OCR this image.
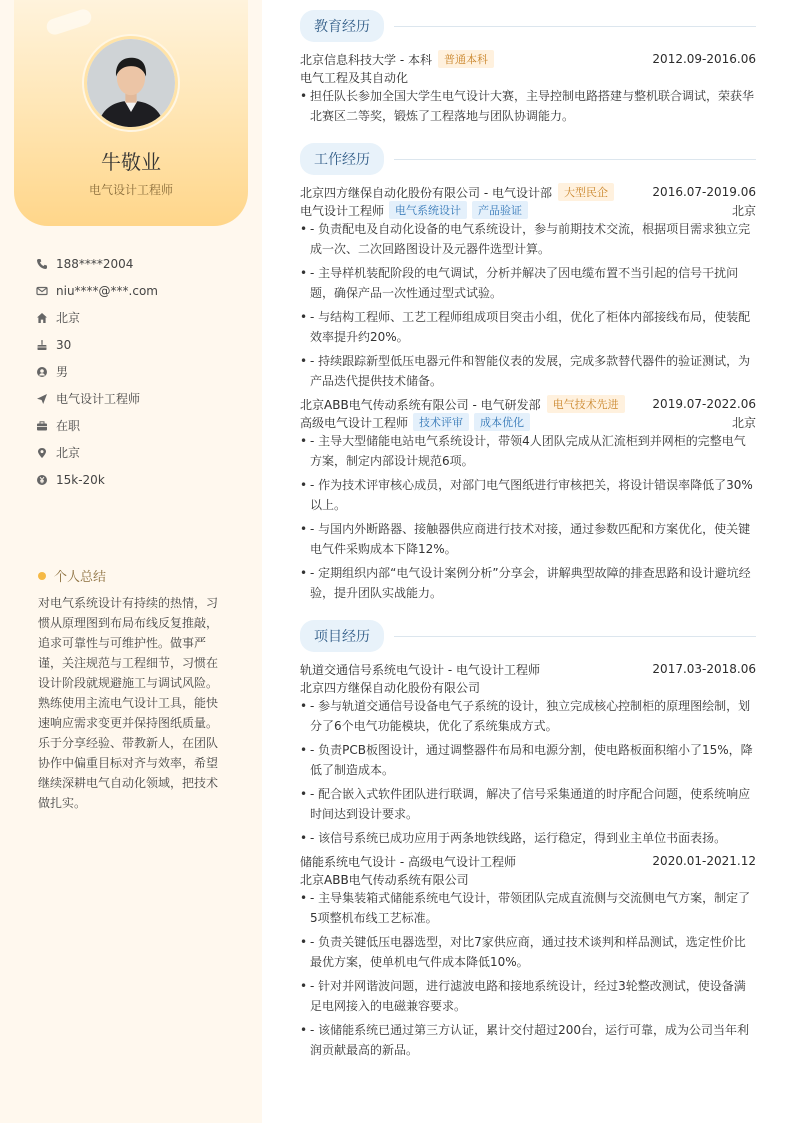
牛敬业
电气设计工程师
188****2004
niu****@***.com
北京
30
男
电气设计工程师
在职
北京
15k-20k
个人总结
对电气系统设计有持续的热情，习惯从原理图到布局布线反复推敲，追求可靠性与可维护性。做事严谨，关注规范与工程细节，习惯在设计阶段就规避施工与调试风险。熟练使用主流电气设计工具，能快速响应需求变更并保持图纸质量。乐于分享经验、带教新人，在团队协作中偏重目标对齐与效率，希望继续深耕电气自动化领域，把技术做扎实。
教育经历
北京信息科技大学 - 本科	普通本科	2012.09-2016.06
电气工程及其自动化
• 担任队长参加全国大学生电气设计大赛，主导控制电路搭建与整机联合调试，荣获华北赛区二等奖，锻炼了工程落地与团队协调能力。
工作经历
北京四方继保自动化股份有限公司 - 电气设计部	大型民企	2016.07-2019.06
电气设计工程师	电气系统设计	产品验证	北京
• - 负责配电及自动化设备的电气系统设计，参与前期技术交流，根据项目需求独立完成一次、二次回路图设计及元器件选型计算。
• - 主导样机装配阶段的电气调试，分析并解决了因电缆布置不当引起的信号干扰问题，确保产品一次性通过型式试验。
• - 与结构工程师、工艺工程师组成项目突击小组，优化了柜体内部接线布局，使装配效率提升约20%。
• - 持续跟踪新型低压电器元件和智能仪表的发展，完成多款替代器件的验证测试，为产品迭代提供技术储备。
北京ABB电气传动系统有限公司 - 电气研发部	电气技术先进	2019.07-2022.06
高级电气设计工程师	技术评审	成本优化	北京
• - 主导大型储能电站电气系统设计，带领4人团队完成从汇流柜到并网柜的完整电气方案，制定内部设计规范6项。
• - 作为技术评审核心成员，对部门电气图纸进行审核把关，将设计错误率降低了30%以上。
• - 与国内外断路器、接触器供应商进行技术对接，通过参数匹配和方案优化，使关键电气件采购成本下降12%。
• - 定期组织内部“电气设计案例分析”分享会，讲解典型故障的排查思路和设计避坑经验，提升团队实战能力。
项目经历
轨道交通信号系统电气设计 - 电气设计工程师	2017.03-2018.06
北京四方继保自动化股份有限公司
• - 参与轨道交通信号设备电气子系统的设计，独立完成核心控制柜的原理图绘制，划分了6个电气功能模块，优化了系统集成方式。
• - 负责PCB板图设计，通过调整器件布局和电源分割，使电路板面积缩小了15%，降低了制造成本。
• - 配合嵌入式软件团队进行联调，解决了信号采集通道的时序配合问题，使系统响应时间达到设计要求。
• - 该信号系统已成功应用于两条地铁线路，运行稳定，得到业主单位书面表扬。
储能系统电气设计 - 高级电气设计工程师	2020.01-2021.12
北京ABB电气传动系统有限公司
• - 主导集装箱式储能系统电气设计，带领团队完成直流侧与交流侧电气方案，制定了5项整机布线工艺标准。
• - 负责关键低压电器选型，对比7家供应商，通过技术谈判和样品测试，选定性价比最优方案，使单机电气件成本降低10%。
• - 针对并网谐波问题，进行滤波电路和接地系统设计，经过3轮整改测试，使设备满足电网接入的电磁兼容要求。
• - 该储能系统已通过第三方认证，累计交付超过200台，运行可靠，成为公司当年利润贡献最高的新品。
